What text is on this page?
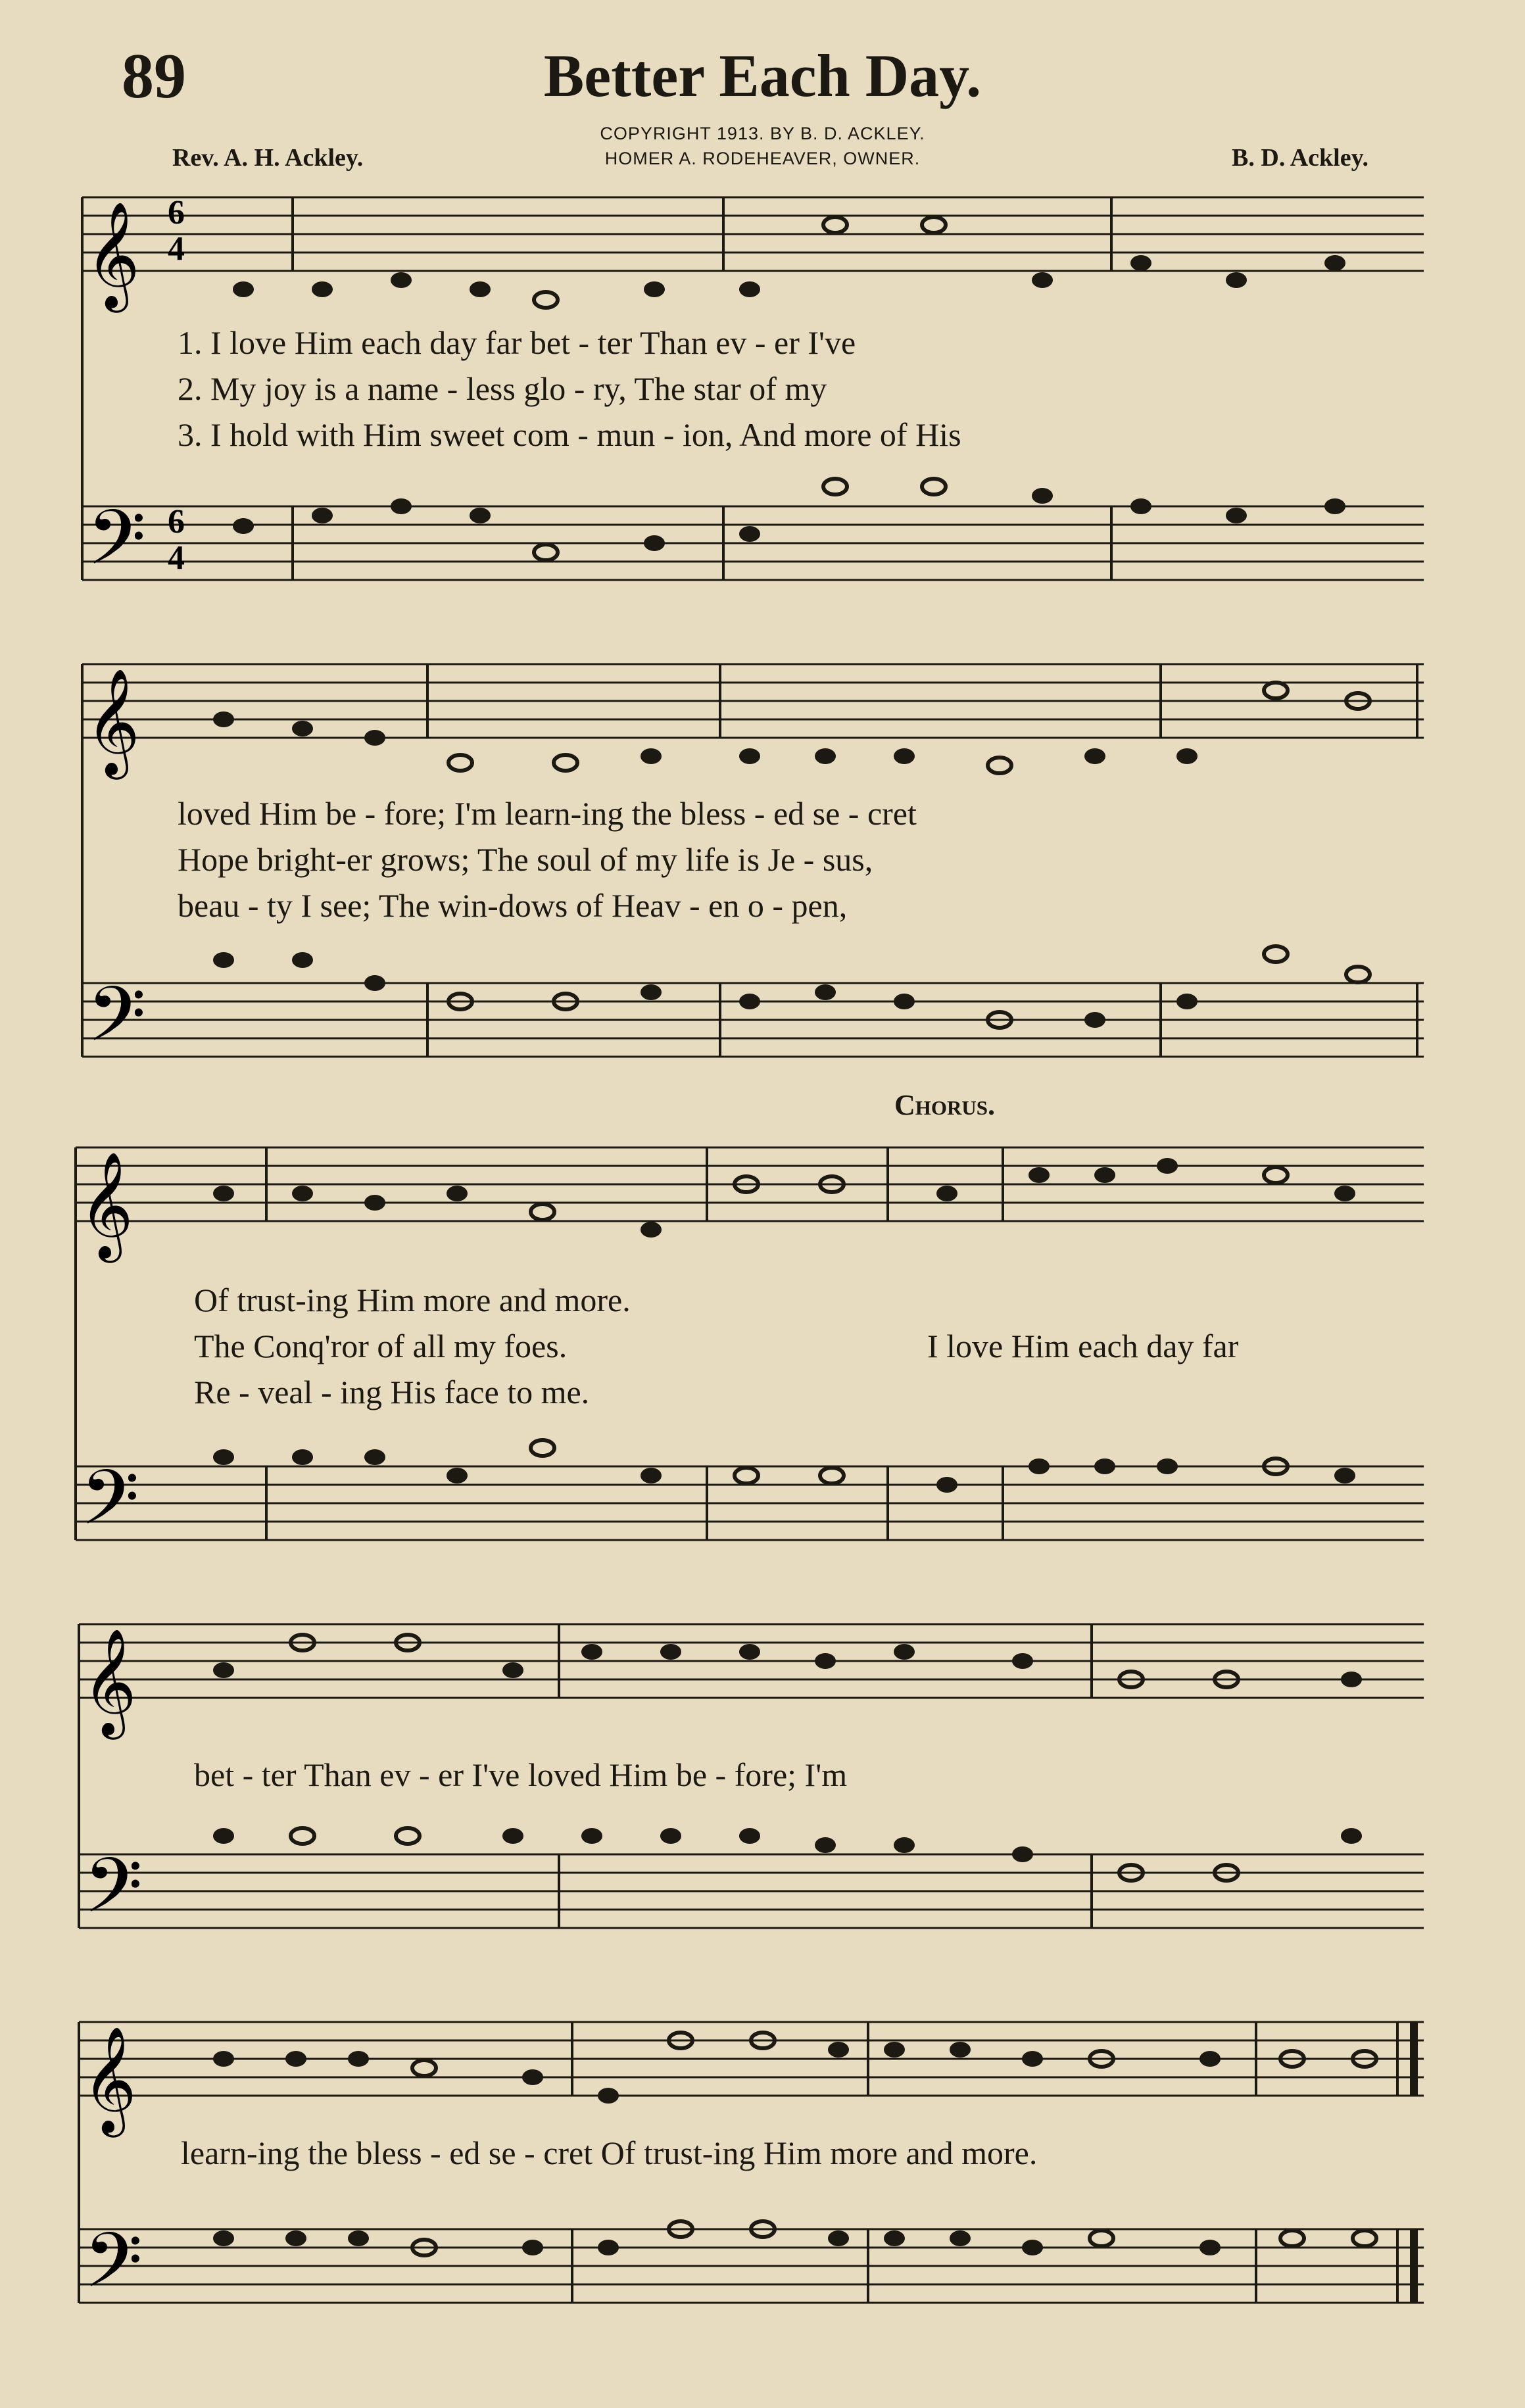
89	Better Each Day.
COPYRIGHT 1913. BY B. D. ACKLEY.
HOMER A. RODEHEAVER, OWNER.
Rev. A. H. Ackley.	B. D. Ackley.
𝄞
𝄢
6
4
6
4
𝄞
𝄢
𝄞
𝄢
𝄞
𝄢
𝄞
𝄢
1. I love Him each day far bet - ter Than ev - er I've
2. My joy is a name - less glo - ry, The star of my
3. I hold with Him sweet com - mun - ion, And more of His
loved Him be - fore; I'm learn-ing the bless - ed se - cret
Hope bright-er grows; The soul of my life is Je - sus,
beau - ty I see; The win-dows of Heav - en o - pen,
Chorus.
Of trust-ing Him more and more.
The Conq'ror of all my foes.
Re - veal - ing His face to me.
I love Him each day far
bet - ter Than ev - er I've loved Him be - fore; I'm
learn-ing the bless - ed se - cret Of trust-ing Him more and more.
